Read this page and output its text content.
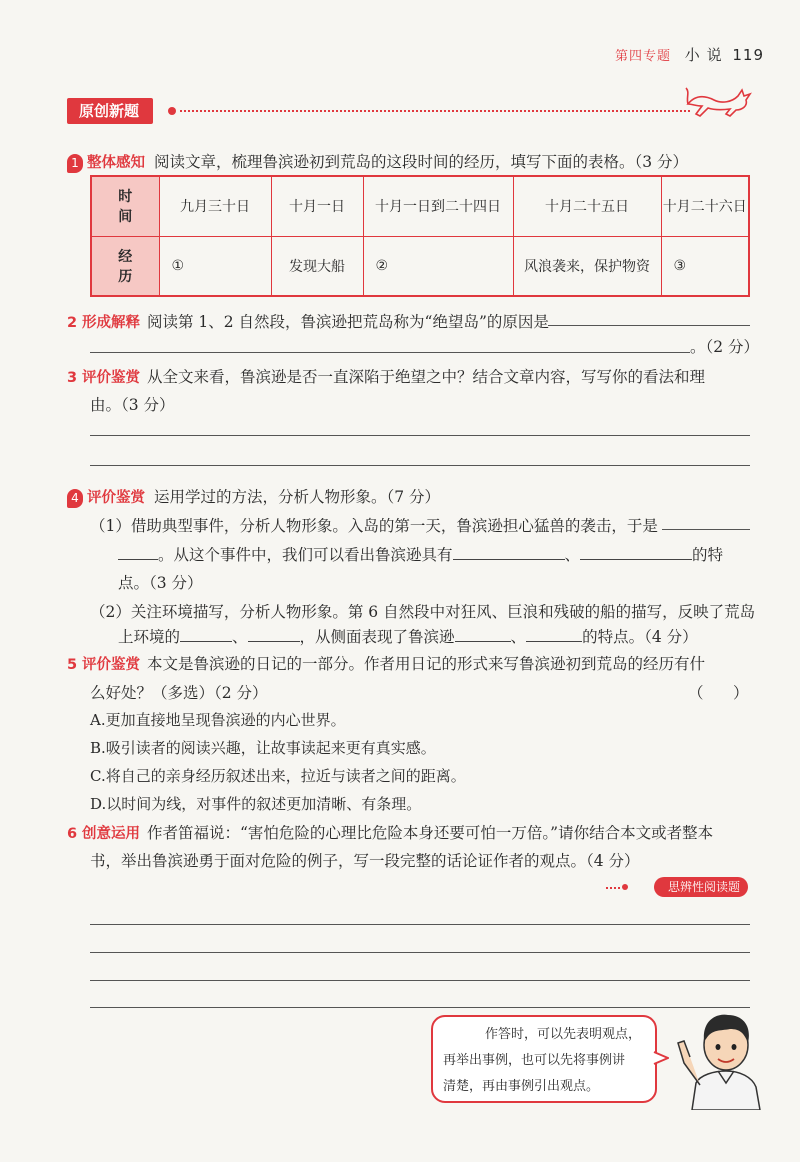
第四专题 小 说 119
原创新题
1 整体感知 阅读文章，梳理鲁滨逊初到荒岛的这段时间的经历，填写下面的表格。（3 分）
时 间	九月三十日	十月一日	十月一日到二十四日	十月二十五日	十月二十六日
经 历	①	发现大船	②	风浪袭来，保护物资	③
2 形成解释 阅读第 1、2 自然段，鲁滨逊把荒岛称为“绝望岛”的原因是
。（2 分）
3 评价鉴赏 从全文来看，鲁滨逊是否一直深陷于绝望之中？结合文章内容，写写你的看法和理
由。（3 分）
4 评价鉴赏 运用学过的方法，分析人物形象。（7 分）
（1）借助典型事件，分析人物形象。入岛的第一天，鲁滨逊担心猛兽的袭击，于是
。从这个事件中，我们可以看出鲁滨逊具有	、	的特
点。（3 分）
（2）关注环境描写，分析人物形象。第 6 自然段中对狂风、巨浪和残破的船的描写，反映了荒岛
上环境的	、	，从侧面表现了鲁滨逊	、	的特点。（4 分）
5 评价鉴赏 本文是鲁滨逊的日记的一部分。作者用日记的形式来写鲁滨逊初到荒岛的经历有什
么好处？（多选）（2 分）	（      ）
A.更加直接地呈现鲁滨逊的内心世界。
B.吸引读者的阅读兴趣，让故事读起来更有真实感。
C.将自己的亲身经历叙述出来，拉近与读者之间的距离。
D.以时间为线，对事件的叙述更加清晰、有条理。
6 创意运用 作者笛福说：“害怕危险的心理比危险本身还要可怕一万倍。”请你结合本文或者整本
书，举出鲁滨逊勇于面对危险的例子，写一段完整的话论证作者的观点。（4 分）
思辨性阅读题
作答时，可以先表明观点，
再举出事例，也可以先将事例讲
清楚，再由事例引出观点。
